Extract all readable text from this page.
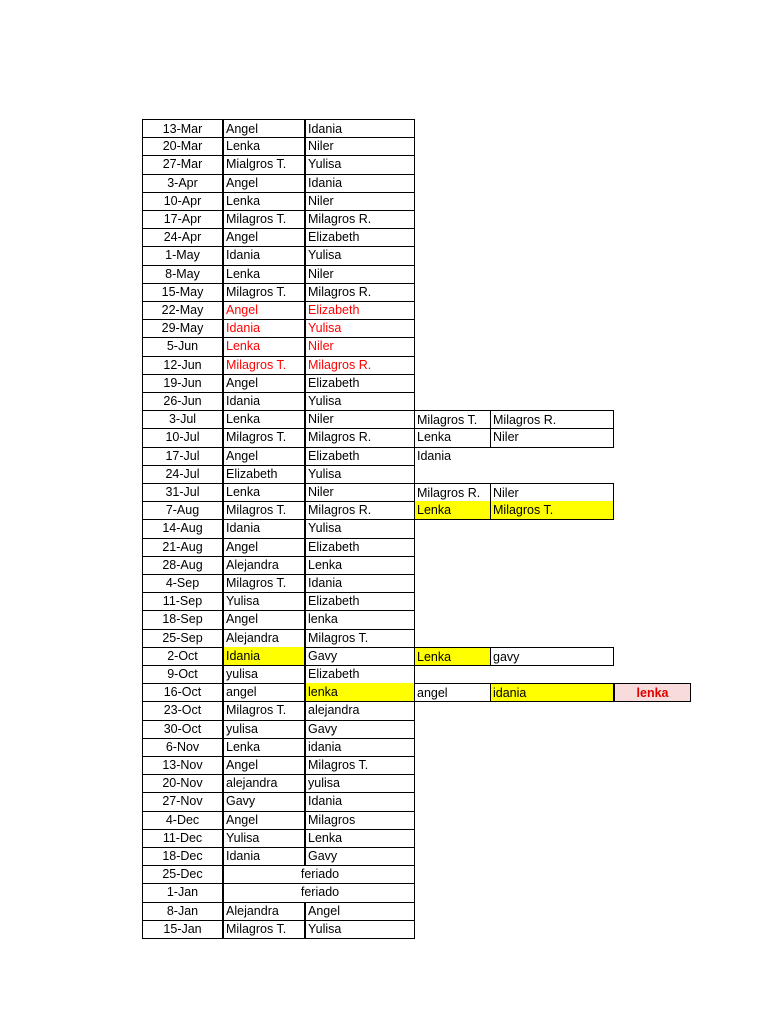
13-Mar	Angel	Idania
20-Mar	Lenka	Niler
27-Mar	Mialgros T.	Yulisa
3-Apr	Angel	Idania
10-Apr	Lenka	Niler
17-Apr	Milagros T.	Milagros R.
24-Apr	Angel	Elizabeth
1-May	Idania	Yulisa
8-May	Lenka	Niler
15-May	Milagros T.	Milagros R.
22-May	Angel	Elizabeth
29-May	Idania	Yulisa
5-Jun	Lenka	Niler
12-Jun	Milagros T.	Milagros R.
19-Jun	Angel	Elizabeth
26-Jun	Idania	Yulisa
3-Jul	Lenka	Niler	Milagros T.	Milagros R.
10-Jul	Milagros T.	Milagros R.	Lenka	Niler
17-Jul	Angel	Elizabeth	Idania
24-Jul	Elizabeth	Yulisa
31-Jul	Lenka	Niler	Milagros R.	Niler
7-Aug	Milagros T.	Milagros R.	Lenka	Milagros T.
14-Aug	Idania	Yulisa
21-Aug	Angel	Elizabeth
28-Aug	Alejandra	Lenka
4-Sep	Milagros T.	Idania
11-Sep	Yulisa	Elizabeth
18-Sep	Angel	lenka
25-Sep	Alejandra	Milagros T.
2-Oct	Idania	Gavy	Lenka	gavy
9-Oct	yulisa	Elizabeth
16-Oct	angel	lenka	angel	idania	lenka
23-Oct	Milagros T.	alejandra
30-Oct	yulisa	Gavy
6-Nov	Lenka	idania
13-Nov	Angel	Milagros T.
20-Nov	alejandra	yulisa
27-Nov	Gavy	Idania
4-Dec	Angel	Milagros
11-Dec	Yulisa	Lenka
18-Dec	Idania	Gavy
25-Dec	feriado
1-Jan	feriado
8-Jan	Alejandra	Angel
15-Jan	Milagros T.	Yulisa
